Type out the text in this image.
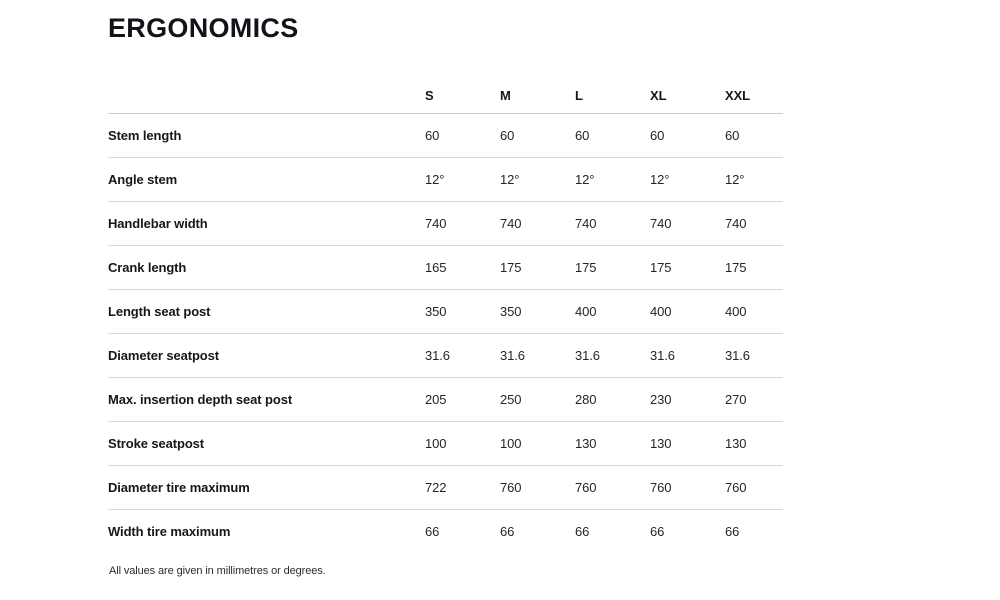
ERGONOMICS
	S	M	L	XL	XXL
Stem length	60	60	60	60	60
Angle stem	12°	12°	12°	12°	12°
Handlebar width	740	740	740	740	740
Crank length	165	175	175	175	175
Length seat post	350	350	400	400	400
Diameter seatpost	31.6	31.6	31.6	31.6	31.6
Max. insertion depth seat post	205	250	280	230	270
Stroke seatpost	100	100	130	130	130
Diameter tire maximum	722	760	760	760	760
Width tire maximum	66	66	66	66	66

All values are given in millimetres or degrees.
